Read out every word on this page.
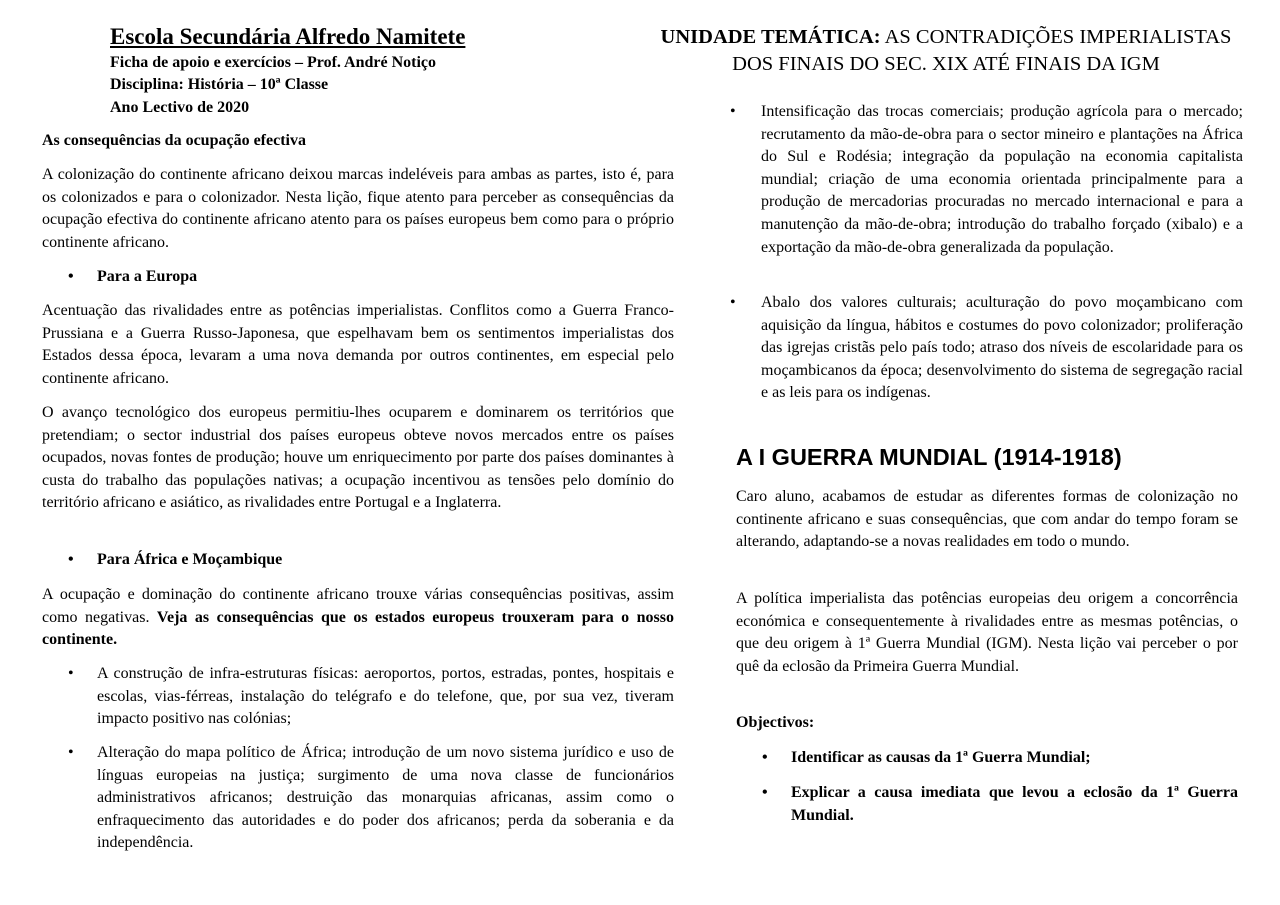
Escola Secundária Alfredo Namitete
Ficha de apoio e exercícios – Prof. André Notiço
Disciplina: História – 10ª Classe
Ano Lectivo de 2020
UNIDADE TEMÁTICA: AS CONTRADIÇÕES IMPERIALISTAS
DOS FINAIS DO SEC. XIX ATÉ FINAIS DA IGM
As consequências da ocupação efectiva

A colonização do continente africano deixou marcas indeléveis para ambas as partes, isto é, para os colonizados e para o colonizador. Nesta lição, fique atento para perceber as consequências da ocupação efectiva do continente africano atento para os países europeus bem como para o próprio continente africano.

• Para a Europa

Acentuação das rivalidades entre as potências imperialistas. Conflitos como a Guerra Franco-Prussiana e a Guerra Russo-Japonesa, que espelhavam bem os sentimentos imperialistas dos Estados dessa época, levaram a uma nova demanda por outros continentes, em especial pelo continente africano.

O avanço tecnológico dos europeus permitiu-lhes ocuparem e dominarem os territórios que pretendiam; o sector industrial dos países europeus obteve novos mercados entre os países ocupados, novas fontes de produção; houve um enriquecimento por parte dos países dominantes à custa do trabalho das populações nativas; a ocupação incentivou as tensões pelo domínio do território africano e asiático, as rivalidades entre Portugal e a Inglaterra.

• Para África e Moçambique

A ocupação e dominação do continente africano trouxe várias consequências positivas, assim como negativas. Veja as consequências que os estados europeus trouxeram para o nosso continente.

• A construção de infra-estruturas físicas: aeroportos, portos, estradas, pontes, hospitais e escolas, vias-férreas, instalação do telégrafo e do telefone, que, por sua vez, tiveram impacto positivo nas colónias;

• Alteração do mapa político de África; introdução de um novo sistema jurídico e uso de línguas europeias na justiça; surgimento de uma nova classe de funcionários administrativos africanos; destruição das monarquias africanas, assim como o enfraquecimento das autoridades e do poder dos africanos; perda da soberania e da independência.

• Intensificação das trocas comerciais; produção agrícola para o mercado; recrutamento da mão-de-obra para o sector mineiro e plantações na África do Sul e Rodésia; integração da população na economia capitalista mundial; criação de uma economia orientada principalmente para a produção de mercadorias procuradas no mercado internacional e para a manutenção da mão-de-obra; introdução do trabalho forçado (xibalo) e a exportação da mão-de-obra generalizada da população.

• Abalo dos valores culturais; aculturação do povo moçambicano com aquisição da língua, hábitos e costumes do povo colonizador; proliferação das igrejas cristãs pelo país todo; atraso dos níveis de escolaridade para os moçambicanos da época; desenvolvimento do sistema de segregação racial e as leis para os indígenas.

A I GUERRA MUNDIAL (1914-1918)

Caro aluno, acabamos de estudar as diferentes formas de colonização no continente africano e suas consequências, que com andar do tempo foram se alterando, adaptando-se a novas realidades em todo o mundo.

A política imperialista das potências europeias deu origem a concorrência económica e consequentemente à rivalidades entre as mesmas potências, o que deu origem à 1ª Guerra Mundial (IGM). Nesta lição vai perceber o por quê da eclosão da Primeira Guerra Mundial.

Objectivos:
• Identificar as causas da 1ª Guerra Mundial;

• Explicar a causa imediata que levou a eclosão da 1ª Guerra Mundial.
